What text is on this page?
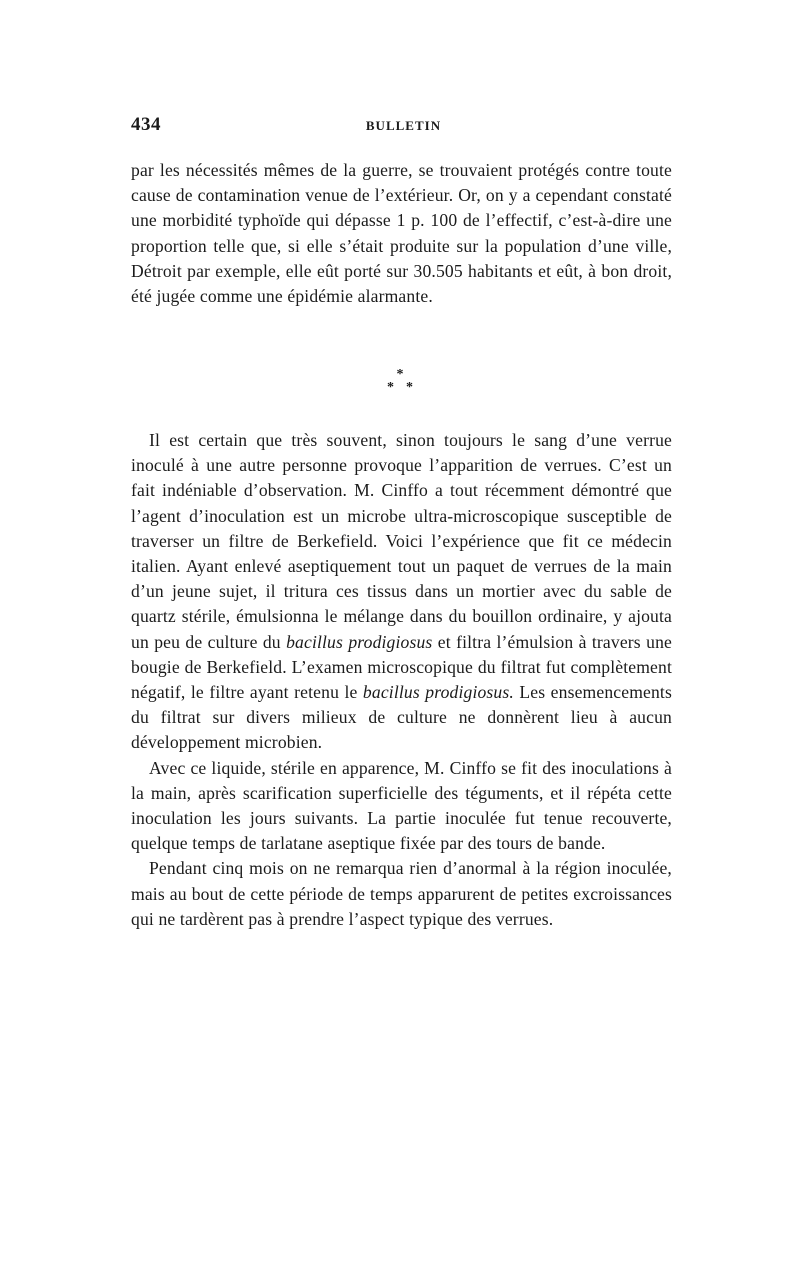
434	BULLETIN

par les nécessités mêmes de la guerre, se trouvaient protégés contre toute cause de contamination venue de l’extérieur. Or, on y a cependant constaté une morbidité typhoïde qui dépasse 1 p. 100 de l’effectif, c’est-à-dire une proportion telle que, si elle s’était produite sur la population d’une ville, Détroit par exemple, elle eût porté sur 30.505 habitants et eût, à bon droit, été jugée comme une épidémie alarmante.

*
* *

Il est certain que très souvent, sinon toujours le sang d’une verrue inoculé à une autre personne provoque l’apparition de verrues. C’est un fait indéniable d’observation. M. Cinffo a tout récemment démontré que l’agent d’inoculation est un microbe ultra-microscopique susceptible de traverser un filtre de Berkefield. Voici l’expérience que fit ce médecin italien. Ayant enlevé aseptiquement tout un paquet de verrues de la main d’un jeune sujet, il tritura ces tissus dans un mortier avec du sable de quartz stérile, émulsionna le mélange dans du bouillon ordinaire, y ajouta un peu de culture du bacillus prodigiosus et filtra l’émulsion à travers une bougie de Berkefield. L’examen microscopique du filtrat fut complètement négatif, le filtre ayant retenu le bacillus prodigiosus. Les ensemencements du filtrat sur divers milieux de culture ne donnèrent lieu à aucun développement microbien.

Avec ce liquide, stérile en apparence, M. Cinffo se fit des inoculations à la main, après scarification superficielle des téguments, et il répéta cette inoculation les jours suivants. La partie inoculée fut tenue recouverte, quelque temps de tarlatane aseptique fixée par des tours de bande.

Pendant cinq mois on ne remarqua rien d’anormal à la région inoculée, mais au bout de cette période de temps apparurent de petites excroissances qui ne tardèrent pas à prendre l’aspect typique des verrues.
